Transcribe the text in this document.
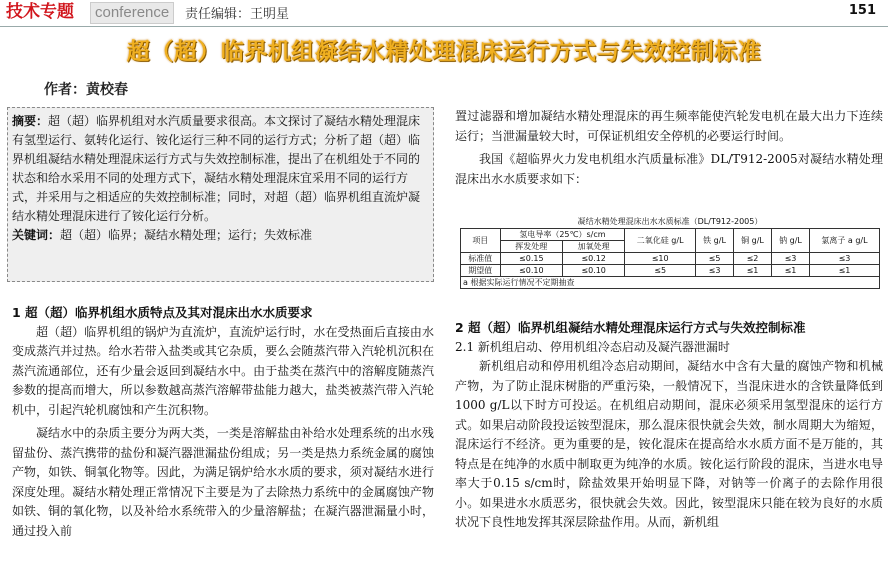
技术专题	conference	责任编辑：王明星	151
超（超）临界机组凝结水精处理混床运行方式与失效控制标准
作者：黄校春
摘要：超（超）临界机组对水汽质量要求很高。本文探讨了凝结水精处理混床有氢型运行、氨转化运行、铵化运行三种不同的运行方式；分析了超（超）临界机组凝结水精处理混床运行方式与失效控制标准，提出了在机组处于不同的状态和给水采用不同的处理方式下，凝结水精处理混床宜采用不同的运行方式，并采用与之相适应的失效控制标准；同时，对超（超）临界机组直流炉凝结水精处理混床进行了铵化运行分析。
关键词：超（超）临界；凝结水精处理；运行；失效标准
1 超（超）临界机组水质特点及其对混床出水水质要求

超（超）临界机组的锅炉为直流炉，直流炉运行时，水在受热面后直接由水变成蒸汽并过热。给水若带入盐类或其它杂质，要么会随蒸汽带入汽轮机沉积在蒸汽流通部位，还有少量会返回到凝结水中。由于盐类在蒸汽中的溶解度随蒸汽参数的提高而增大，所以参数越高蒸汽溶解带盐能力越大，盐类被蒸汽带入汽轮机中，引起汽轮机腐蚀和产生沉积物。

凝结水中的杂质主要分为两大类，一类是溶解盐由补给水处理系统的出水残留盐份、蒸汽携带的盐份和凝汽器泄漏盐份组成；另一类是热力系统金属的腐蚀产物，如铁、铜氧化物等。因此，为满足锅炉给水水质的要求，须对凝结水进行深度处理。凝结水精处理正常情况下主要是为了去除热力系统中的金属腐蚀产物如铁、铜的氧化物，以及补给水系统带入的少量溶解盐；在凝汽器泄漏量小时，通过投入前

置过滤器和增加凝结水精处理混床的再生频率能使汽轮发电机在最大出力下连续运行；当泄漏量较大时，可保证机组安全停机的必要运行时间。

我国《超临界火力发电机组水汽质量标准》DL/T912-2005对凝结水精处理混床出水水质要求如下：

凝结水精处理混床出水水质标准（DL/T912-2005）
项目	氢电导率（25℃）s/cm		二氧化硅 g/L	铁 g/L	铜 g/L	钠 g/L	氯离子 a g/L
	挥发处理	加氧处理					
标准值	≤0.15	≤0.12	≤10	≤5	≤2	≤3	≤3
期望值	≤0.10	≤0.10	≤5	≤3	≤1	≤1	≤1
a 根据实际运行情况不定期抽查							
2 超（超）临界机组凝结水精处理混床运行方式与失效控制标准
2.1 新机组启动、停用机组冷态启动及凝汽器泄漏时

新机组启动和停用机组冷态启动期间，凝结水中含有大量的腐蚀产物和机械产物，为了防止混床树脂的严重污染，一般情况下，当混床进水的含铁量降低到1000 g/L以下时方可投运。在机组启动期间，混床必须采用氢型混床的运行方式。如果启动阶段投运铵型混床，那么混床很快就会失效，制水周期大为缩短，混床运行不经济。更为重要的是，铵化混床在提高给水水质方面不是万能的，其特点是在纯净的水质中制取更为纯净的水质。铵化运行阶段的混床，当进水电导率大于0.15 s/cm时，除盐效果开始明显下降，对钠等一价离子的去除作用很小。如果进水水质恶劣，很快就会失效。因此，铵型混床只能在较为良好的水质状况下良性地发挥其深层除盐作用。从而，新机组
